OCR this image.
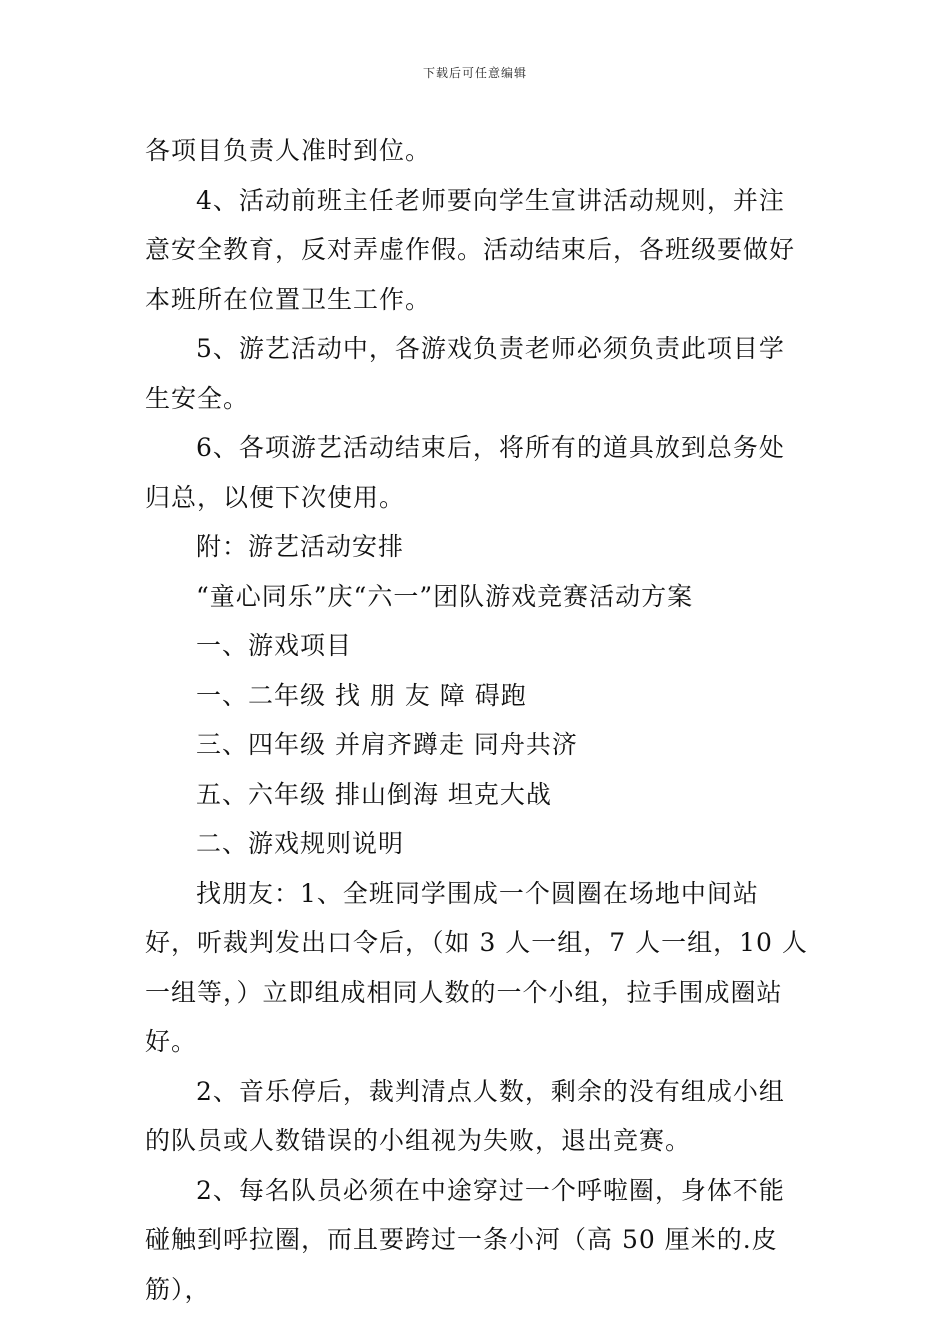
下载后可任意编辑

各项目负责人准时到位。

4、活动前班主任老师要向学生宣讲活动规则，并注意安全教育，反对弄虚作假。活动结束后，各班级要做好本班所在位置卫生工作。

5、游艺活动中，各游戏负责老师必须负责此项目学生安全。

6、各项游艺活动结束后，将所有的道具放到总务处归总，以便下次使用。

附：游艺活动安排

“童心同乐”庆“六一”团队游戏竞赛活动方案

一、游戏项目

一、二年级 找 朋 友 障 碍跑

三、四年级 并肩齐蹲走 同舟共济

五、六年级 排山倒海 坦克大战

二、游戏规则说明

找朋友：1、全班同学围成一个圆圈在场地中间站好，听裁判发出口令后，（如 3 人一组，7 人一组，10 人一组等，）立即组成相同人数的一个小组，拉手围成圈站好。

2、音乐停后，裁判清点人数，剩余的没有组成小组的队员或人数错误的小组视为失败，退出竞赛。

2、每名队员必须在中途穿过一个呼啦圈，身体不能碰触到呼拉圈，而且要跨过一条小河（高 50 厘米的.皮筋），
